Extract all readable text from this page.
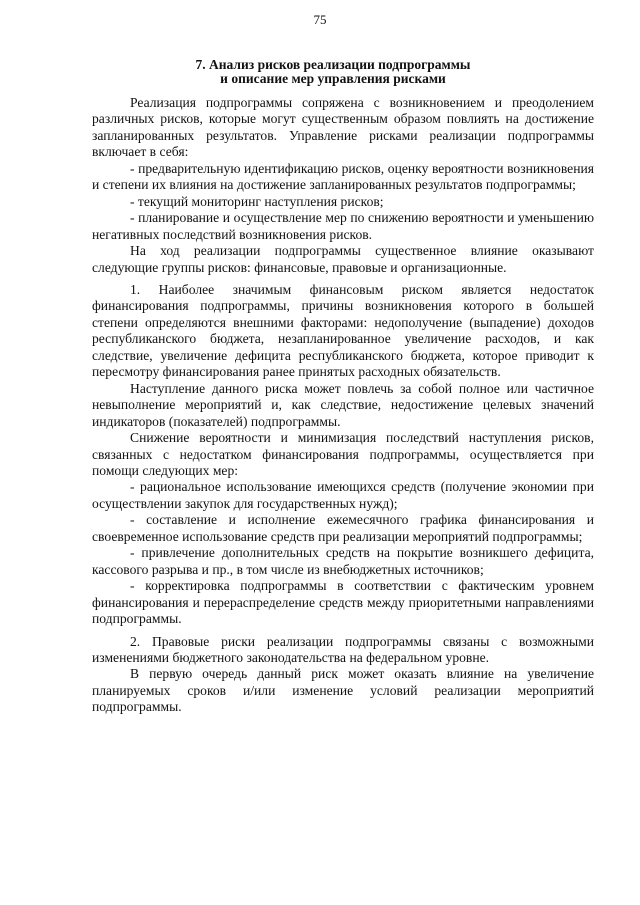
75
7. Анализ рисков реализации подпрограммы
и описание мер управления рисками

Реализация подпрограммы сопряжена с возникновением и преодолением различных рисков, которые могут существенным образом повлиять на достижение запланированных результатов. Управление рисками реализации подпрограммы включает в себя:

- предварительную идентификацию рисков, оценку вероятности возникновения и степени их влияния на достижение запланированных результатов подпрограммы;

- текущий мониторинг наступления рисков;

- планирование и осуществление мер по снижению вероятности и уменьшению негативных последствий возникновения рисков.

На ход реализации подпрограммы существенное влияние оказывают следующие группы рисков: финансовые, правовые и организационные.

1. Наиболее значимым финансовым риском является недостаток финансирования подпрограммы, причины возникновения которого в большей степени определяются внешними факторами: недополучение (выпадение) доходов республиканского бюджета, незапланированное увеличение расходов, и как следствие, увеличение дефицита республиканского бюджета, которое приводит к пересмотру финансирования ранее принятых расходных обязательств.

Наступление данного риска может повлечь за собой полное или частичное невыполнение мероприятий и, как следствие, недостижение целевых значений индикаторов (показателей) подпрограммы.

Снижение вероятности и минимизация последствий наступления рисков, связанных с недостатком финансирования подпрограммы, осуществляется при помощи следующих мер:

- рациональное использование имеющихся средств (получение экономии при осуществлении закупок для государственных нужд);

- составление и исполнение ежемесячного графика финансирования и своевременное использование средств при реализации мероприятий подпрограммы;

- привлечение дополнительных средств на покрытие возникшего дефицита, кассового разрыва и пр., в том числе из внебюджетных источников;

- корректировка подпрограммы в соответствии с фактическим уровнем финансирования и перераспределение средств между приоритетными направлениями подпрограммы.

2. Правовые риски реализации подпрограммы связаны с возможными изменениями бюджетного законодательства на федеральном уровне.

В первую очередь данный риск может оказать влияние на увеличение планируемых сроков и/или изменение условий реализации мероприятий подпрограммы.
